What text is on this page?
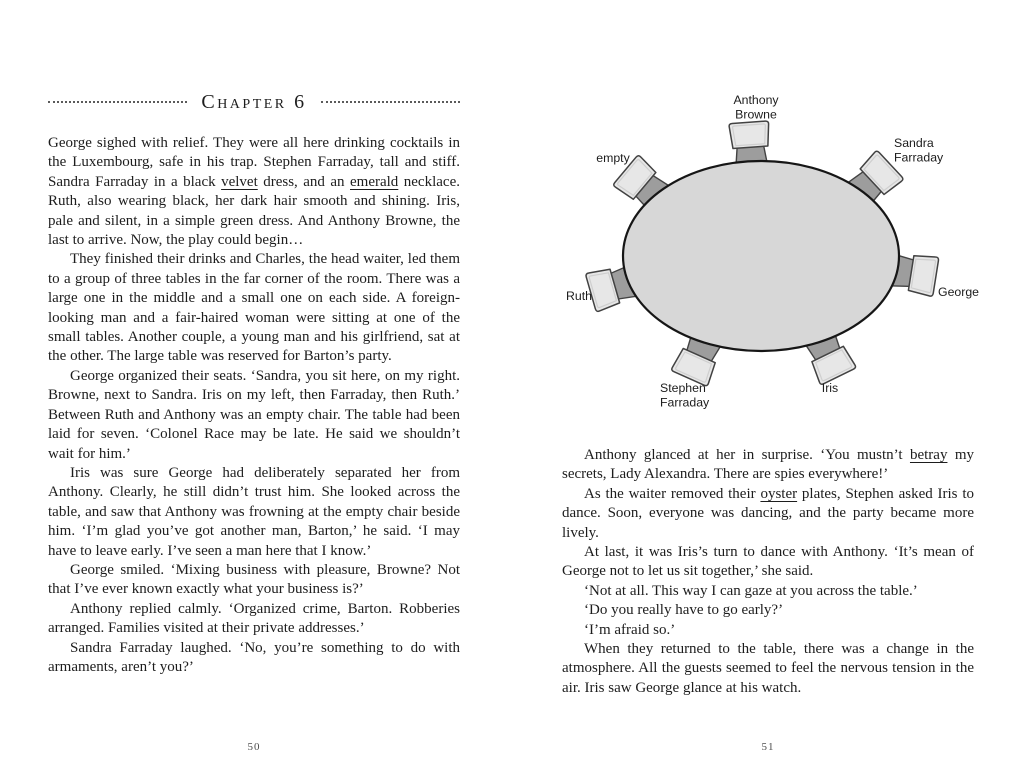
Chapter 6

George sighed with relief. They were all here drinking cocktails in the Luxembourg, safe in his trap. Stephen Farraday, tall and stiff. Sandra Farraday in a black velvet dress, and an emerald necklace. Ruth, also wearing black, her dark hair smooth and shining. Iris, pale and silent, in a simple green dress. And Anthony Browne, the last to arrive. Now, the play could begin…

They finished their drinks and Charles, the head waiter, led them to a group of three tables in the far corner of the room. There was a large one in the middle and a small one on each side. A foreign-looking man and a fair-haired woman were sitting at one of the small tables. Another couple, a young man and his girlfriend, sat at the other. The large table was reserved for Barton’s party.

George organized their seats. ‘Sandra, you sit here, on my right. Browne, next to Sandra. Iris on my left, then Farraday, then Ruth.’ Between Ruth and Anthony was an empty chair. The table had been laid for seven. ‘Colonel Race may be late. He said we shouldn’t wait for him.’

Iris was sure George had deliberately separated her from Anthony. Clearly, he still didn’t trust him. She looked across the table, and saw that Anthony was frowning at the empty chair beside him. ‘I’m glad you’ve got another man, Barton,’ he said. ‘I may have to leave early. I’ve seen a man here that I know.’

George smiled. ‘Mixing business with pleasure, Browne? Not that I’ve ever known exactly what your business is?’

Anthony replied calmly. ‘Organized crime, Barton. Robberies arranged. Families visited at their private addresses.’

Sandra Farraday laughed. ‘No, you’re something to do with armaments, aren’t you?’

50
Anthony Browne
Sandra Farraday
George
Iris
Stephen Farraday
Ruth
empty

Anthony glanced at her in surprise. ‘You mustn’t betray my secrets, Lady Alexandra. There are spies everywhere!’

As the waiter removed their oyster plates, Stephen asked Iris to dance. Soon, everyone was dancing, and the party became more lively.

At last, it was Iris’s turn to dance with Anthony. ‘It’s mean of George not to let us sit together,’ she said.

‘Not at all. This way I can gaze at you across the table.’

‘Do you really have to go early?’

‘I’m afraid so.’

When they returned to the table, there was a change in the atmosphere. All the guests seemed to feel the nervous tension in the air. Iris saw George glance at his watch.

51
